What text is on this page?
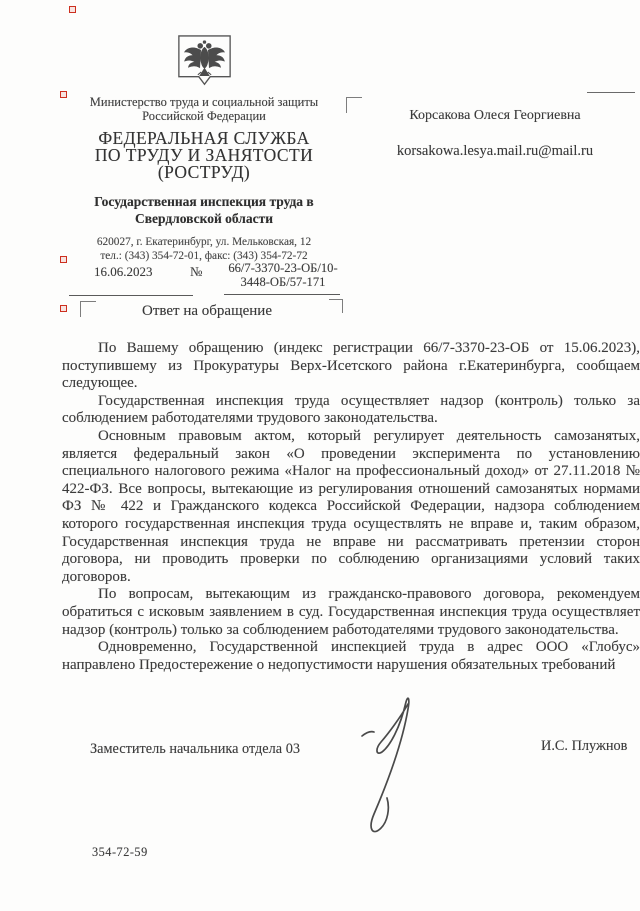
Министерство труда и социальной защиты
Российской Федерации
ФЕДЕРАЛЬНАЯ СЛУЖБА
ПО ТРУДУ И ЗАНЯТОСТИ
(РОСТРУД)
Государственная инспекция труда в
Свердловской области
620027, г. Екатеринбург, ул. Мельковская, 12
тел.: (343) 354-72-01, факс: (343) 354-72-72
16.06.2023	№	66/7-3370-23-ОБ/10-
3448-ОБ/57-171
Ответ на обращение
Корсакова Олеся Георгиевна
korsakowa.lesya.mail.ru@mail.ru

По Вашему обращению (индекс регистрации 66/7-3370-23-ОБ от 15.06.2023), поступившему из Прокуратуры Верх-Исетского района г.Екатеринбурга, сообщаем следующее.

Государственная инспекция труда осуществляет надзор (контроль) только за соблюдением работодателями трудового законодательства.

Основным правовым актом, который регулирует деятельность самозанятых, является федеральный закон «О проведении эксперимента по установлению специального налогового режима «Налог на профессиональный доход» от 27.11.2018 № 422-ФЗ. Все вопросы, вытекающие из регулирования отношений самозанятых нормами ФЗ № 422 и Гражданского кодекса Российской Федерации, надзора соблюдением которого государственная инспекция труда осуществлять не вправе и, таким образом, Государственная инспекция труда не вправе ни рассматривать претензии сторон договора, ни проводить проверки по соблюдению организациями условий таких договоров.

По вопросам, вытекающим из гражданско-правового договора, рекомендуем обратиться с исковым заявлением в суд. Государственная инспекция труда осуществляет надзор (контроль) только за соблюдением работодателями трудового законодательства.

Одновременно, Государственной инспекцией труда в адрес ООО «Глобус» направлено Предостережение о недопустимости нарушения обязательных требований

Заместитель начальника отдела 03	И.С. Плужнов
354-72-59
